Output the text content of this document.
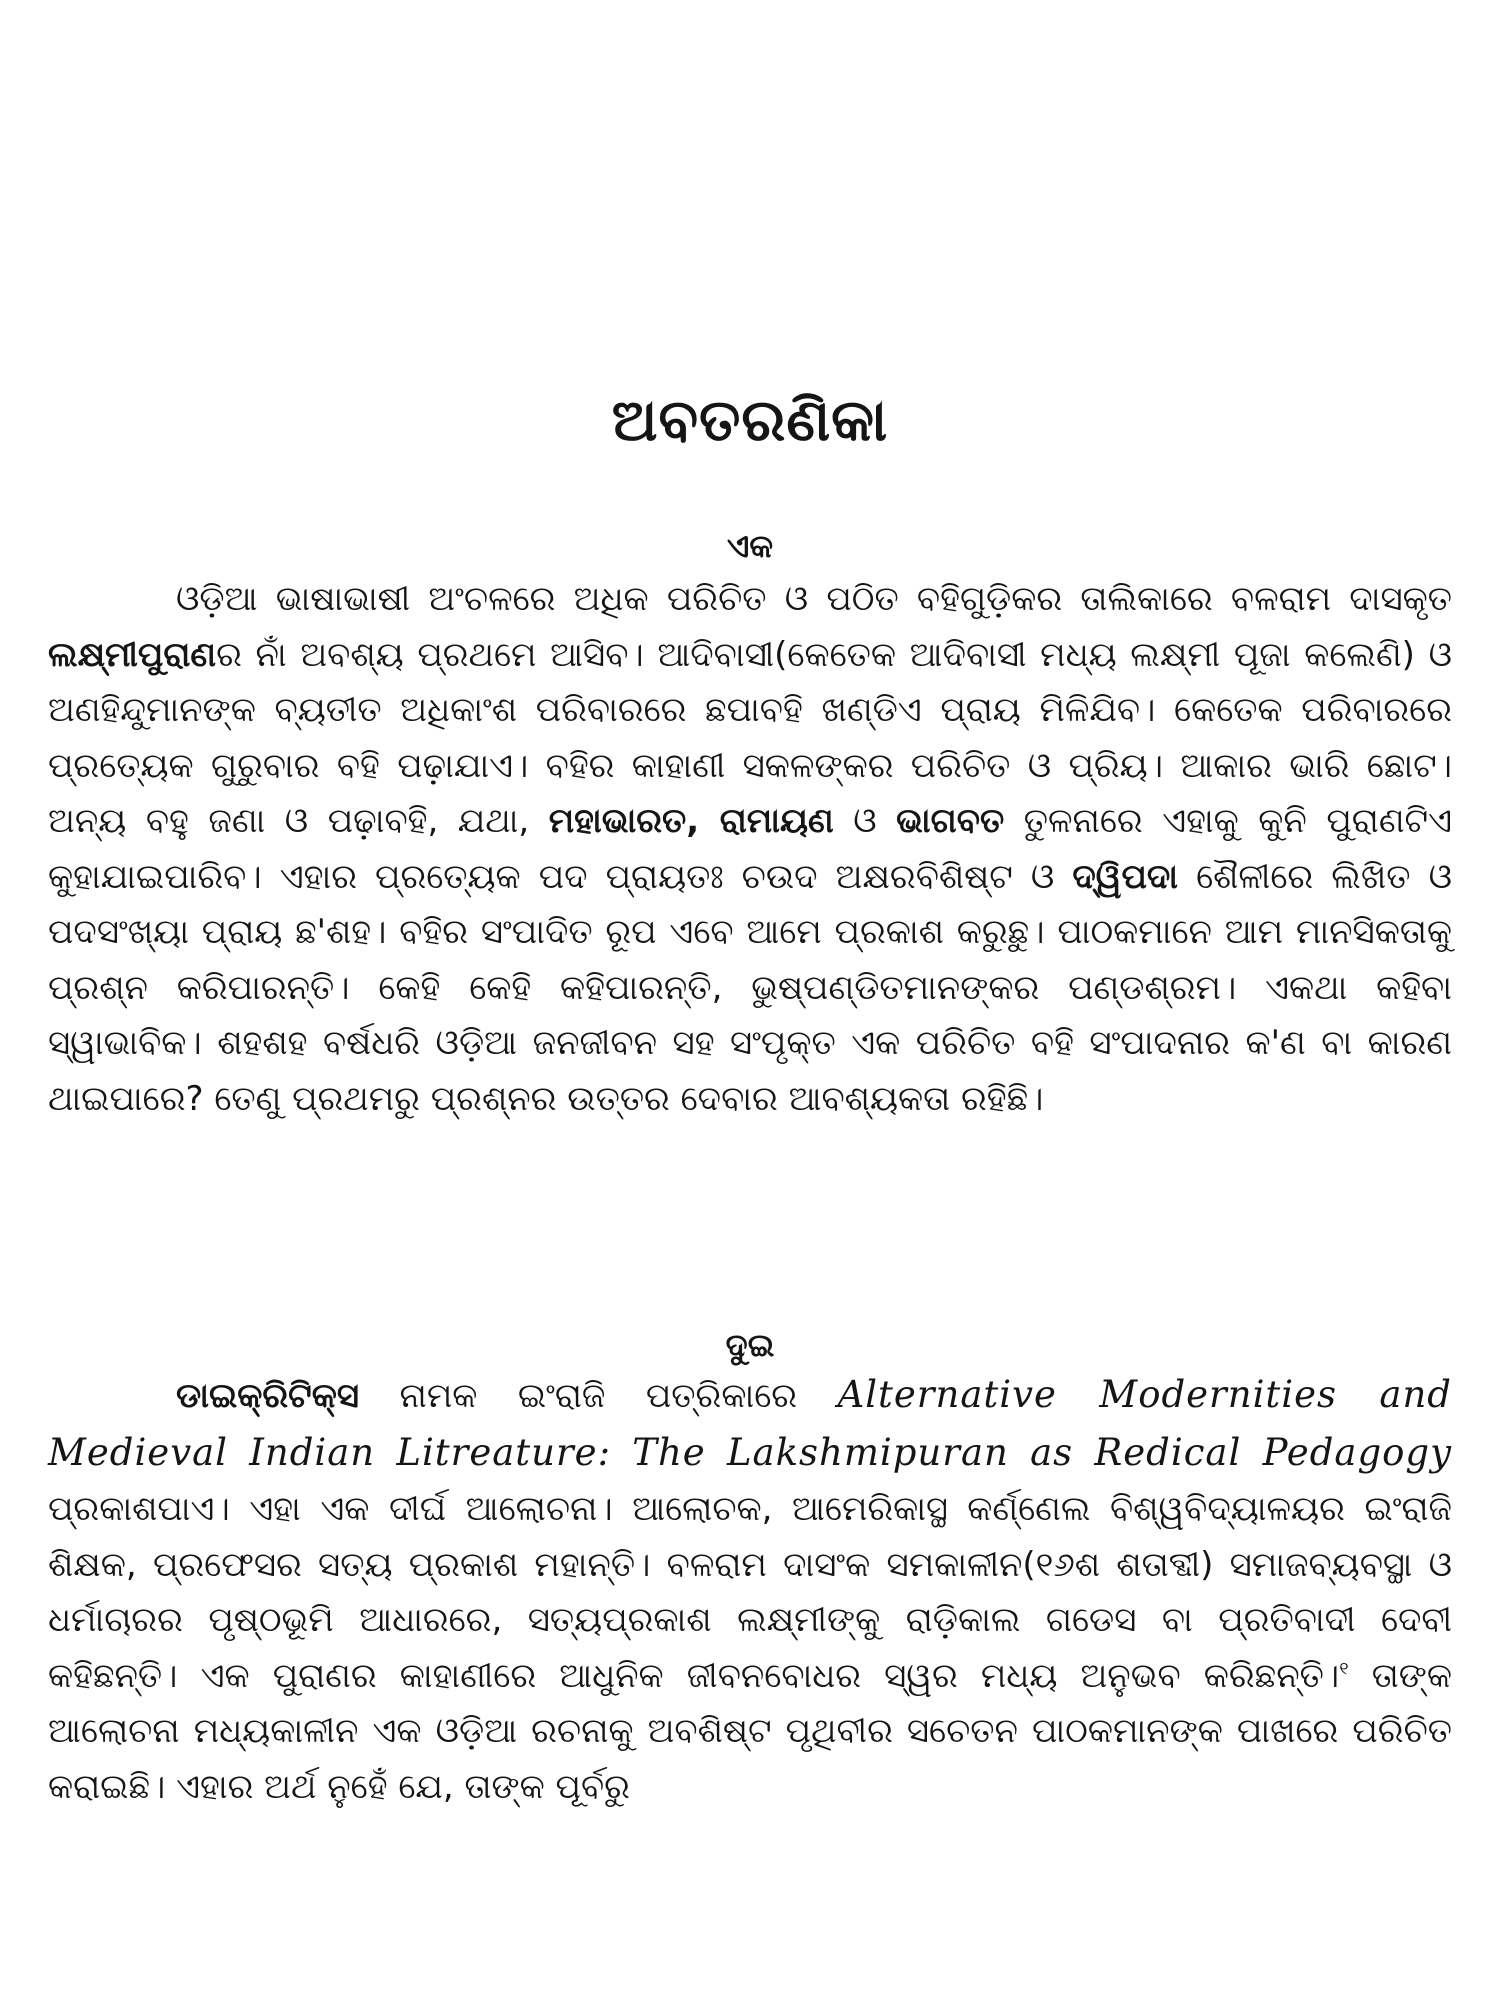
ଅବତରଣିକା
ଏକ

ଓଡ଼ିଆ ଭାଷାଭାଷୀ ଅଂଚଳରେ ଅଧିକ ପରିଚିତ ଓ ପଠିତ ବହିଗୁଡ଼ିକର ତାଲିକାରେ ବଳରାମ ଦାସକୃତ ଲକ୍ଷ୍ମୀପୁରାଣର ନାଁ ଅବଶ୍ୟ ପ୍ରଥମେ ଆସିବ। ଆଦିବାସୀ(କେତେକ ଆଦିବାସୀ ମଧ୍ୟ ଲକ୍ଷ୍ମୀ ପୂଜା କଲେଣି) ଓ ଅଣହିନ୍ଦୁମାନଙ୍କ ବ୍ୟତୀତ ଅଧିକାଂଶ ପରିବାରରେ ଛପାବହି ଖଣ୍ଡିଏ ପ୍ରାୟ ମିଳିଯିବ। କେତେକ ପରିବାରରେ ପ୍ରତ୍ୟେକ ଗୁରୁବାର ବହି ପଢ଼ାଯାଏ। ବହିର କାହାଣୀ ସକଳଙ୍କର ପରିଚିତ ଓ ପ୍ରିୟ। ଆକାର ଭାରି ଛୋଟ। ଅନ୍ୟ ବହୁ ଜଣା ଓ ପଢ଼ାବହି, ଯଥା, ମହାଭାରତ, ରାମାୟଣ ଓ ଭାଗବତ ତୁଳନାରେ ଏହାକୁ କୁନି ପୁରାଣଟିଏ କୁହାଯାଇପାରିବ। ଏହାର ପ୍ରତ୍ୟେକ ପଦ ପ୍ରାୟତଃ ଚଉଦ ଅକ୍ଷରବିଶିଷ୍ଟ ଓ ଦ୍ୱିପଦା ଶୈଳୀରେ ଲିଖିତ ଓ ପଦସଂଖ୍ୟା ପ୍ରାୟ ଛ'ଶହ। ବହିର ସଂପାଦିତ ରୂପ ଏବେ ଆମେ ପ୍ରକାଶ କରୁଛୁ। ପାଠକମାନେ ଆମ ମାନସିକତାକୁ ପ୍ରଶ୍ନ କରିପାରନ୍ତି। କେହି କେହି କହିପାରନ୍ତି, ଭୁଷ୍ପଣ୍ଡିତମାନଙ୍କର ପଣ୍ଡଶ୍ରମ। ଏକଥା କହିବା ସ୍ୱାଭାବିକ। ଶହଶହ ବର୍ଷଧରି ଓଡ଼ିଆ ଜନଜୀବନ ସହ ସଂପୃକ୍ତ ଏକ ପରିଚିତ ବହି ସଂପାଦନାର କ'ଣ ବା କାରଣ ଥାଇପାରେ? ତେଣୁ ପ୍ରଥମରୁ ପ୍ରଶ୍ନର ଉତ୍ତର ଦେବାର ଆବଶ୍ୟକତା ରହିଛି।

ଦୁଇ

ଡାଇକ୍ରିଟିକ୍ସ ନାମକ ଇଂରାଜି ପତ୍ରିକାରେ Alternative Modernities and Medieval Indian Litreature: The Lakshmipuran as Redical Pedagogy ପ୍ରକାଶପାଏ। ଏହା ଏକ ଦୀର୍ଘ ଆଲୋଚନା। ଆଲୋଚକ, ଆମେରିକାସ୍ଥ କର୍ଣ୍ଣେଲ ବିଶ୍ୱବିଦ୍ୟାଳୟର ଇଂରାଜି ଶିକ୍ଷକ, ପ୍ରଫେସର ସତ୍ୟ ପ୍ରକାଶ ମହାନ୍ତି। ବଳରାମ ଦାସଂକ ସମକାଳୀନ(୧୬ଶ ଶତାବ୍ଦୀ) ସମାଜବ୍ୟବସ୍ଥା ଓ ଧର୍ମାଚାରର ପୃଷ୍ଠଭୂମି ଆଧାରରେ, ସତ୍ୟପ୍ରକାଶ ଲକ୍ଷ୍ମୀଙ୍କୁ ରାଡ଼ିକାଲ ଗଡେସ ବା ପ୍ରତିବାଦୀ ଦେବୀ କହିଛନ୍ତି। ଏକ ପୁରାଣର କାହାଣୀରେ ଆଧୁନିକ ଜୀବନବୋଧର ସ୍ୱର ମଧ୍ୟ ଅନୁଭବ କରିଛନ୍ତି।$^୧$ ତାଙ୍କ ଆଲୋଚନା ମଧ୍ୟକାଳୀନ ଏକ ଓଡ଼ିଆ ରଚନାକୁ ଅବଶିଷ୍ଟ ପୃଥିବୀର ସଚେତନ ପାଠକମାନଙ୍କ ପାଖରେ ପରିଚିତ କରାଇଛି। ଏହାର ଅର୍ଥ ନୁହେଁ ଯେ, ତାଙ୍କ ପୂର୍ବରୁ
